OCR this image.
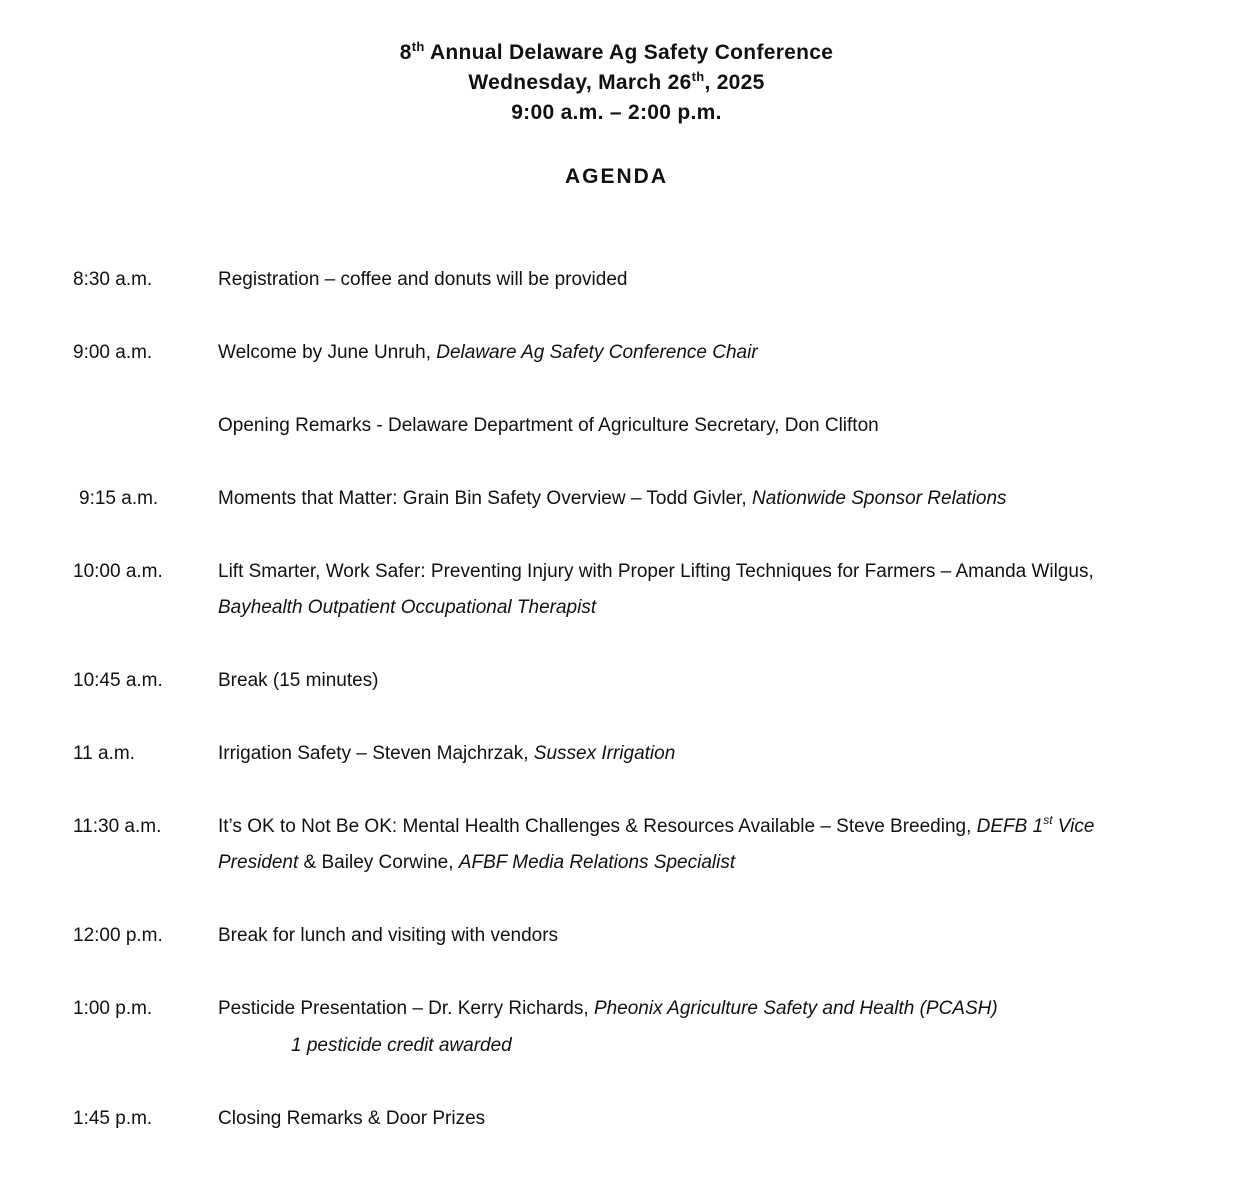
8th Annual Delaware Ag Safety Conference
Wednesday, March 26th, 2025
9:00 a.m. – 2:00 p.m.
AGENDA
8:30 a.m.	Registration – coffee and donuts will be provided
9:00 a.m.	Welcome by June Unruh, Delaware Ag Safety Conference Chair
Opening Remarks - Delaware Department of Agriculture Secretary, Don Clifton
9:15 a.m.	Moments that Matter: Grain Bin Safety Overview – Todd Givler, Nationwide Sponsor Relations
10:00 a.m.	Lift Smarter, Work Safer: Preventing Injury with Proper Lifting Techniques for Farmers – Amanda Wilgus, Bayhealth Outpatient Occupational Therapist
10:45 a.m.	Break (15 minutes)
11 a.m.	Irrigation Safety – Steven Majchrzak, Sussex Irrigation
11:30 a.m.	It’s OK to Not Be OK: Mental Health Challenges & Resources Available – Steve Breeding, DEFB 1st Vice President & Bailey Corwine, AFBF Media Relations Specialist
12:00 p.m.	Break for lunch and visiting with vendors
1:00 p.m.	Pesticide Presentation – Dr. Kerry Richards, Pheonix Agriculture Safety and Health (PCASH)
1 pesticide credit awarded
1:45 p.m.	Closing Remarks & Door Prizes
